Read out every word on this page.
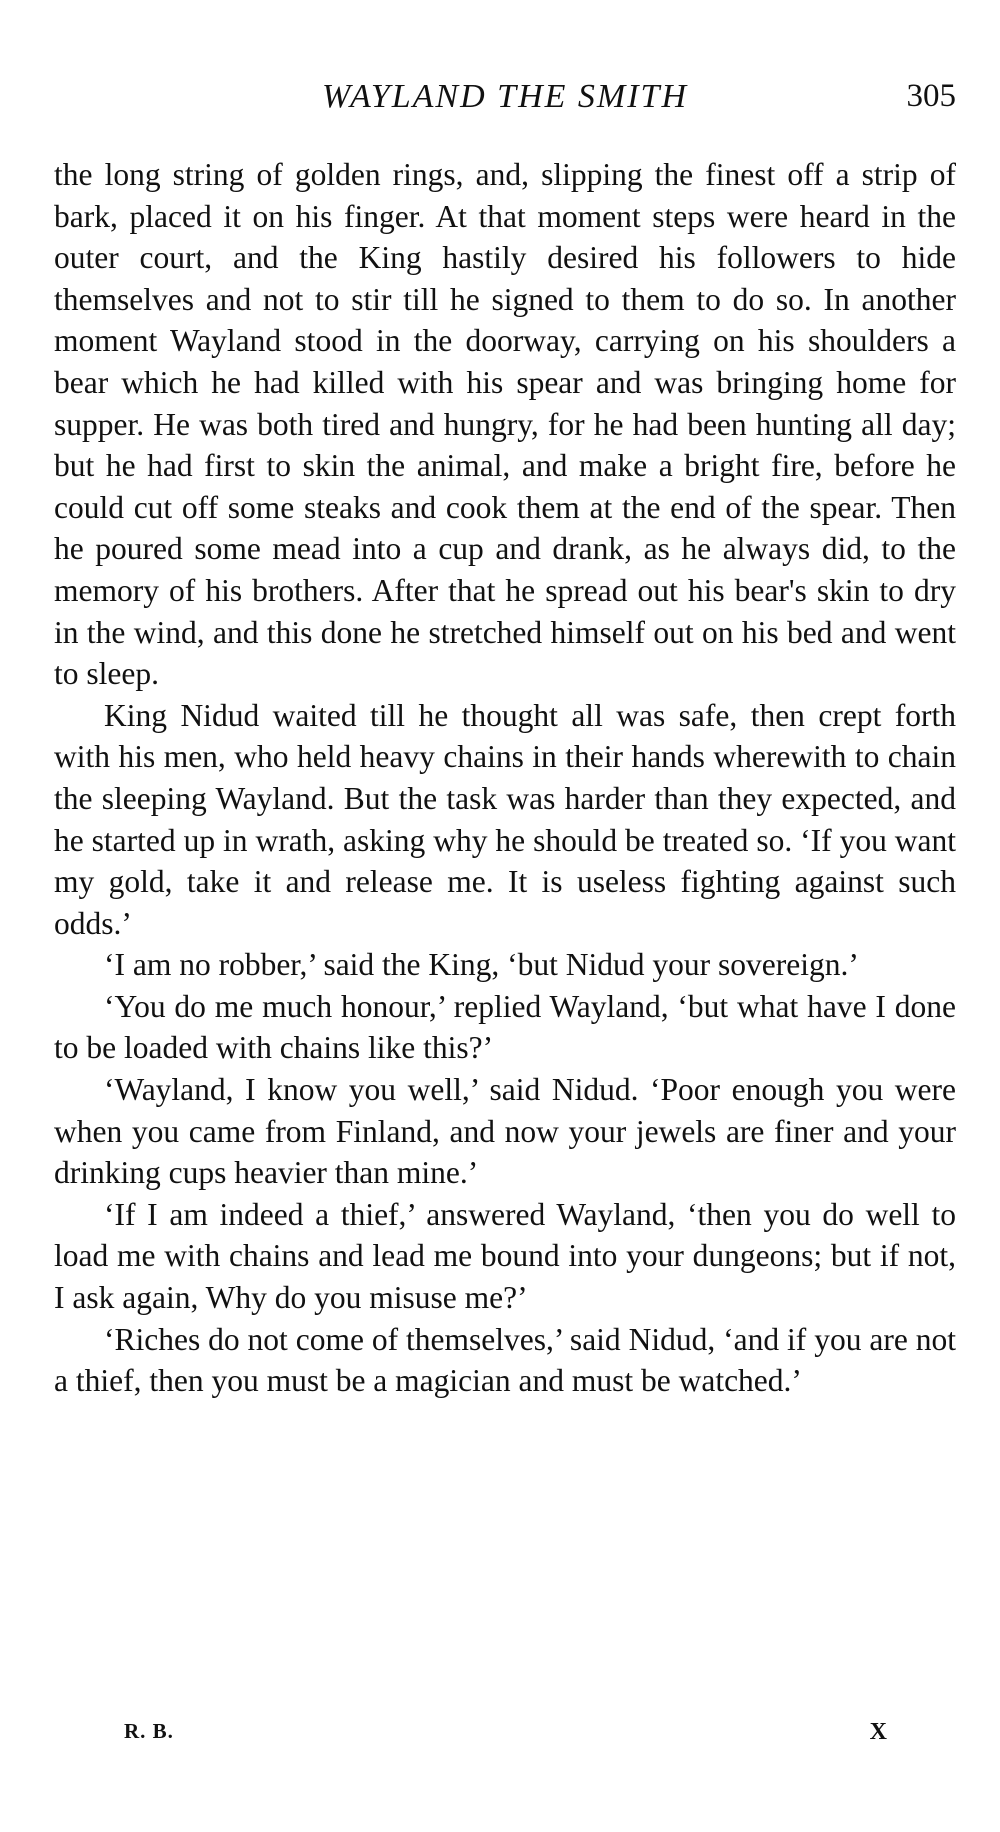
WAYLAND THE SMITH	305

the long string of golden rings, and, slipping the finest off a strip of bark, placed it on his finger. At that moment steps were heard in the outer court, and the King hastily desired his followers to hide themselves and not to stir till he signed to them to do so. In another moment Wayland stood in the doorway, carrying on his shoulders a bear which he had killed with his spear and was bringing home for supper. He was both tired and hungry, for he had been hunting all day; but he had first to skin the animal, and make a bright fire, before he could cut off some steaks and cook them at the end of the spear. Then he poured some mead into a cup and drank, as he always did, to the memory of his brothers. After that he spread out his bear's skin to dry in the wind, and this done he stretched himself out on his bed and went to sleep.

King Nidud waited till he thought all was safe, then crept forth with his men, who held heavy chains in their hands wherewith to chain the sleeping Wayland. But the task was harder than they expected, and he started up in wrath, asking why he should be treated so. ‘If you want my gold, take it and release me. It is useless fighting against such odds.’

‘I am no robber,’ said the King, ‘but Nidud your sovereign.’

‘You do me much honour,’ replied Wayland, ‘but what have I done to be loaded with chains like this?’

‘Wayland, I know you well,’ said Nidud. ‘Poor enough you were when you came from Finland, and now your jewels are finer and your drinking cups heavier than mine.’

‘If I am indeed a thief,’ answered Wayland, ‘then you do well to load me with chains and lead me bound into your dungeons; but if not, I ask again, Why do you misuse me?’

‘Riches do not come of themselves,’ said Nidud, ‘and if you are not a thief, then you must be a magician and must be watched.’

R. B.	X
